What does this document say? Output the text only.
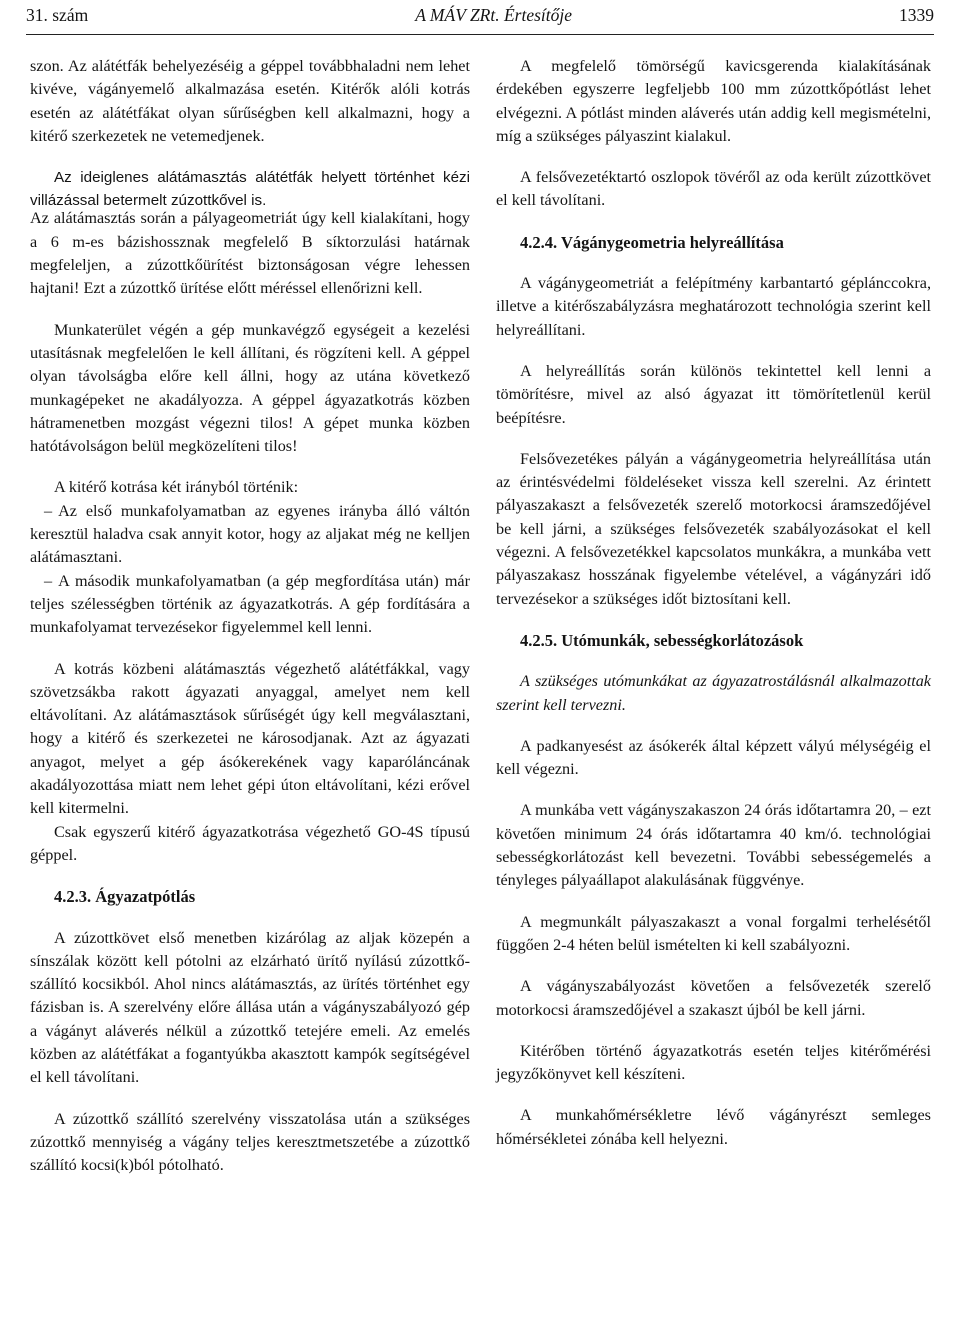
31. szám	A MÁV ZRt. Értesítője	1339

szon. Az alátétfák behelyezéséig a géppel továbbhaladni nem lehet kivéve, vágányemelő alkalmazása esetén. Kitérők alóli kotrás esetén az alátétfákat olyan sűrűségben kell alkalmazni, hogy a kitérő szerkezetek ne vetemedjenek.

Az ideiglenes alátámasztás alátétfák helyett történhet kézi villázással betermelt zúzottkővel is.

Az alátámasztás során a pályageometriát úgy kell kialakítani, hogy a 6 m-es bázishossznak megfelelő B síktorzulási határnak megfeleljen, a zúzottkőürítést biztonságosan végre lehessen hajtani! Ezt a zúzottkő ürítése előtt méréssel ellenőrizni kell.

Munkaterület végén a gép munkavégző egységeit a kezelési utasításnak megfelelően le kell állítani, és rögzíteni kell. A géppel olyan távolságba előre kell állni, hogy az utána következő munkagépeket ne akadályozza. A géppel ágyazatkotrás közben hátramenetben mozgást végezni tilos! A gépet munka közben hatótávolságon belül megközelíteni tilos!

A kitérő kotrása két irányból történik:

– Az első munkafolyamatban az egyenes irányba álló váltón keresztül haladva csak annyit kotor, hogy az aljakat még ne kelljen alátámasztani.

– A második munkafolyamatban (a gép megfordítása után) már teljes szélességben történik az ágyazatkotrás. A gép fordítására a munkafolyamat tervezésekor figyelemmel kell lenni.

A kotrás közbeni alátámasztás végezhető alátétfákkal, vagy szövetzsákba rakott ágyazati anyaggal, amelyet nem kell eltávolítani. Az alátámasztások sűrűségét úgy kell megválasztani, hogy a kitérő és szerkezetei ne károsodjanak. Azt az ágyazati anyagot, melyet a gép ásókerekének vagy kaparóláncának akadályozottása miatt nem lehet gépi úton eltávolítani, kézi erővel kell kitermelni.

Csak egyszerű kitérő ágyazatkotrása végezhető GO-4S típusú géppel.

4.2.3. Ágyazatpótlás

A zúzottkövet első menetben kizárólag az aljak közepén a sínszálak között kell pótolni az elzárható ürítő nyílású zúzottkő-szállító kocsikból. Ahol nincs alátámasztás, az ürítés történhet egy fázisban is. A szerelvény előre állása után a vágányszabályozó gép a vágányt aláverés nélkül a zúzottkő tetejére emeli. Az emelés közben az alátétfákat a fogantyúkba akasztott kampók segítségével el kell távolítani.

A zúzottkő szállító szerelvény visszatolása után a szükséges zúzottkő mennyiség a vágány teljes keresztmetszetébe a zúzottkő szállító kocsi(k)ból pótolható.

A megfelelő tömörségű kavicsgerenda kialakításának érdekében egyszerre legfeljebb 100 mm zúzottkőpótlást lehet elvégezni. A pótlást minden aláverés után addig kell megismételni, míg a szükséges pályaszint kialakul.

A felsővezetéktartó oszlopok tövéről az oda került zúzottkövet el kell távolítani.

4.2.4. Vágánygeometria helyreállítása

A vágánygeometriát a felépítmény karbantartó géplánccokra, illetve a kitérőszabályzásra meghatározott technológia szerint kell helyreállítani.

A helyreállítás során különös tekintettel kell lenni a tömörítésre, mivel az alsó ágyazat itt tömörítetlenül kerül beépítésre.

Felsővezetékes pályán a vágánygeometria helyreállítása után az érintésvédelmi földeléseket vissza kell szerelni. Az érintett pályaszakaszt a felsővezeték szerelő motorkocsi áramszedőjével be kell járni, a szükséges felsővezeték szabályozásokat el kell végezni. A felsővezetékkel kapcsolatos munkákra, a munkába vett pályaszakasz hosszának figyelembe vételével, a vágányzári idő tervezésekor a szükséges időt biztosítani kell.

4.2.5. Utómunkák, sebességkorlátozások

A szükséges utómunkákat az ágyazatrostálásnál alkalmazottak szerint kell tervezni.

A padkanyesést az ásókerék által képzett vályú mélységéig el kell végezni.

A munkába vett vágányszakaszon 24 órás időtartamra 20, – ezt követően minimum 24 órás időtartamra 40 km/ó. technológiai sebességkorlátozást kell bevezetni. További sebességemelés a tényleges pályaállapot alakulásának függvénye.

A megmunkált pályaszakaszt a vonal forgalmi terhelésétől függően 2-4 héten belül ismételten ki kell szabályozni.

A vágányszabályozást követően a felsővezeték szerelő motorkocsi áramszedőjével a szakaszt újból be kell járni.

Kitérőben történő ágyazatkotrás esetén teljes kitérőmérési jegyzőkönyvet kell készíteni.

A munkahőmérsékletre lévő vágányrészt semleges hőmérsékletei zónába kell helyezni.
